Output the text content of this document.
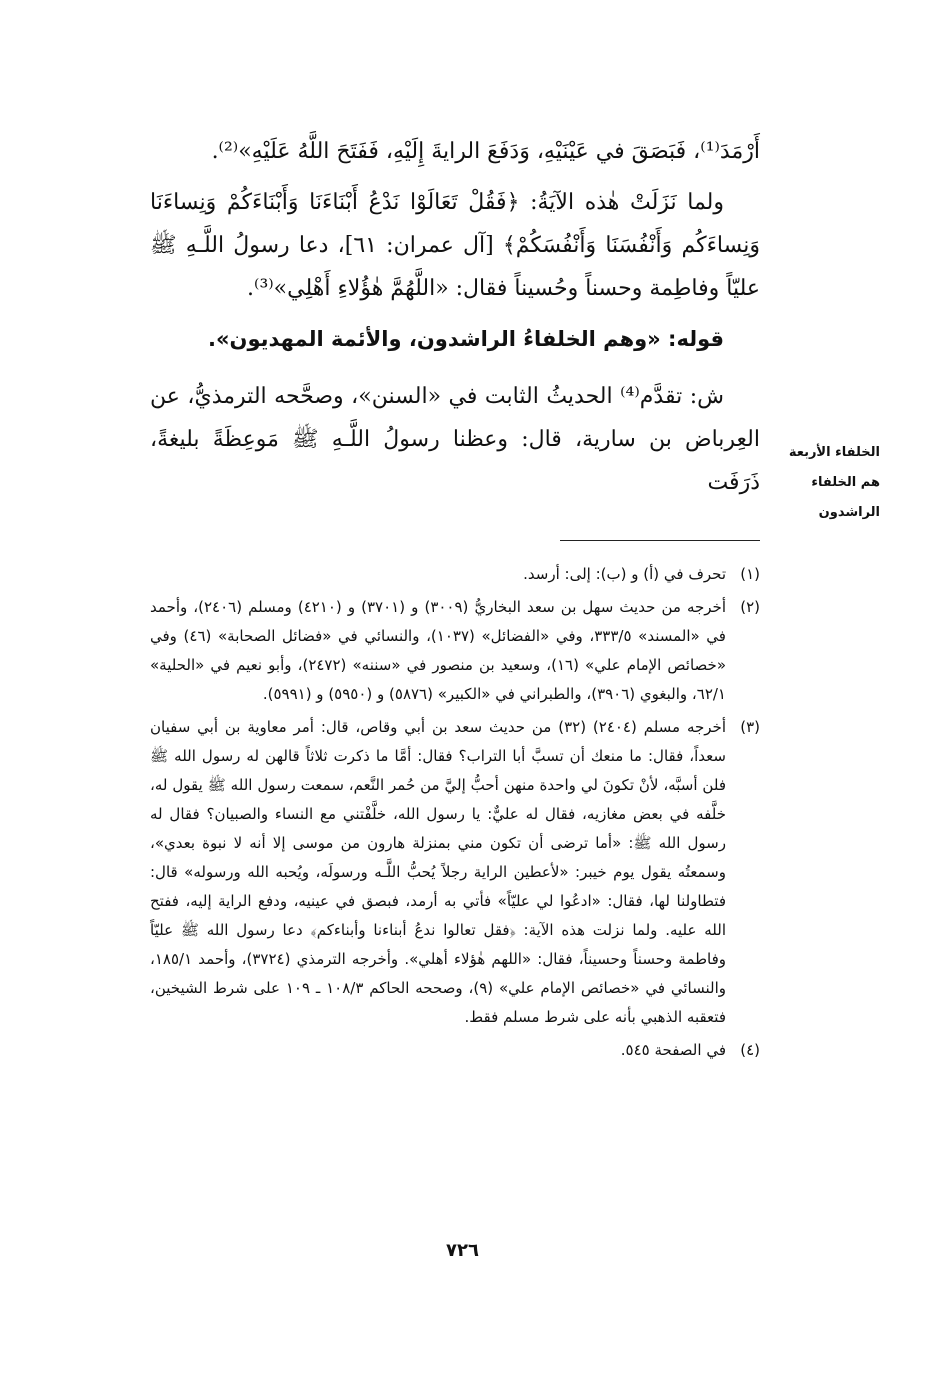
أَرْمَدَ⁽¹⁾، فَبَصَقَ في عَيْنَيْهِ، وَدَفَعَ الرايةَ إِلَيْهِ، فَفَتَحَ اللَّهُ عَلَيْهِ»⁽²⁾.

ولما نَزَلَتْ هٰذه الآيَةُ: ﴿فَقُلْ تَعَالَوْا نَدْعُ أَبْنَاءَنَا وَأَبْنَاءَكُمْ وَنِساءَنَا وَنِساءَكُم وَأَنْفُسَنَا وَأَنْفُسَكُمْ﴾ [آل عمران: ٦١]، دعا رسولُ اللَّـهِ ﷺ عليّاً وفاطِمة وحسناً وحُسيناً فقال: «اللَّهُمَّ هٰؤُلاءِ أَهْلِي»⁽³⁾.

قوله: «وهم الخلفاءُ الراشدون، والأئمة المهديون».

ش: تقدَّم⁽⁴⁾ الحديثُ الثابت في «السنن»، وصحَّحه الترمذيُّ، عن العِرباض بن سارية، قال: وعظنا رسولُ اللَّـهِ ﷺ مَوعِظَةً بليغةً، ذَرَفَت

الخلفاء الأربعة هم الخلفاء الراشدون
(١)
تحرف في (أ) و (ب): إلى: أرسد.
(٢)
أخرجه من حديث سهل بن سعد البخاريُّ (٣٠٠٩) و (٣٧٠١) و (٤٢١٠) ومسلم (٢٤٠٦)، وأحمد في «المسند» ٣٣٣/٥، وفي «الفضائل» (١٠٣٧)، والنسائي في «فضائل الصحابة» (٤٦) وفي «خصائص الإمام علي» (١٦)، وسعيد بن منصور في «سننه» (٢٤٧٢)، وأبو نعيم في «الحلية» ٦٢/١، والبغوي (٣٩٠٦)، والطبراني في «الكبير» (٥٨٧٦) و (٥٩٥٠) و (٥٩٩١).
(٣)
أخرجه مسلم (٢٤٠٤) (٣٢) من حديث سعد بن أبي وقاص، قال: أمر معاوية بن أبي سفيان سعداً، فقال: ما منعك أن تسبَّ أبا التراب؟ فقال: أمَّا ما ذكرت ثلاثاً قالهن له رسول الله ﷺ فلن أسبَّه، لأنْ تكونَ لي واحدة منهن أحبُّ إليَّ من حُمر النَّعم، سمعت رسول الله ﷺ يقول له، خلَّفه في بعض مغازيه، فقال له عليٌّ: يا رسول الله، خلَّفْتني مع النساء والصبيان؟ فقال له رسول الله ﷺ: «أما ترضى أن تكون مني بمنزلة هارون من موسى إلا أنه لا نبوة بعدي»، وسمعتُه يقول يوم خيبر: «لأعطين الراية رجلاً يُحبُّ اللَّـه ورسولَه، ويُحبه الله ورسوله» قال: فتطاولنا لها، فقال: «ادعُوا لي عليّاً» فأتي به أرمد، فبصق في عينيه، ودفع الراية إليه، ففتح الله عليه. ولما نزلت هذه الآية: ﴿فقل تعالوا ندعُ أبناءنا وأبناءكم﴾ دعا رسول الله ﷺ عليّاً وفاطمة وحسناً وحسيناً، فقال: «اللهم هٰؤلاء أهلي». وأخرجه الترمذي (٣٧٢٤)، وأحمد ١٨٥/١، والنسائي في «خصائص الإمام علي» (٩)، وصححه الحاكم ١٠٨/٣ ـ ١٠٩ على شرط الشيخين، فتعقبه الذهبي بأنه على شرط مسلم فقط.
(٤)
في الصفحة ٥٤٥.
٧٢٦
